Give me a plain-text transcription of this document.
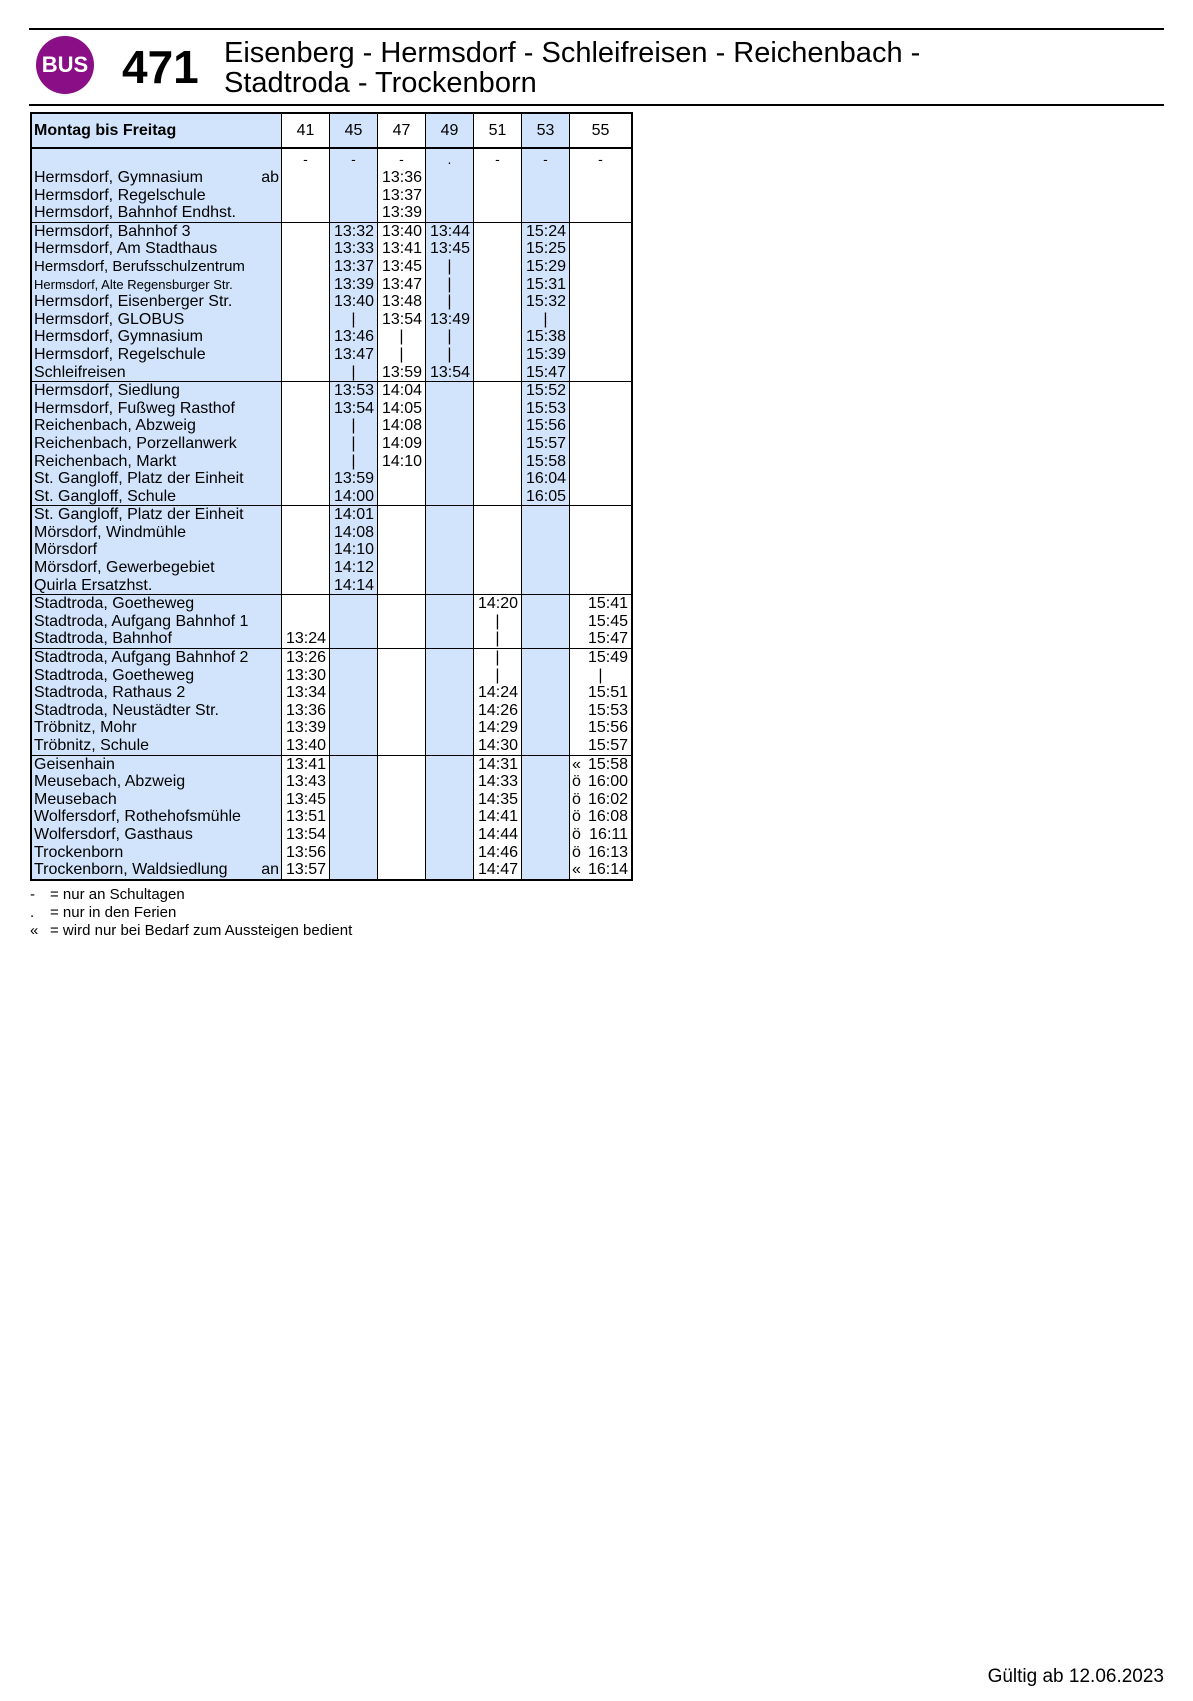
BUS 471 Eisenberg - Hermsdorf - Schleifreisen - Reichenbach -
Stadtroda - Trockenborn
Montag bis Freitag	41	45	47	49	51	53	55
	-	-	-	.	-	-	-
Hermsdorf, Gymnasium ab			13:36				
Hermsdorf, Regelschule			13:37				
Hermsdorf, Bahnhof Endhst.			13:39				
Hermsdorf, Bahnhof 3		13:32	13:40	13:44		15:24	
Hermsdorf, Am Stadthaus		13:33	13:41	13:45		15:25	
Hermsdorf, Berufsschulzentrum		13:37	13:45	|		15:29	
Hermsdorf, Alte Regensburger Str.		13:39	13:47	|		15:31	
Hermsdorf, Eisenberger Str.		13:40	13:48	|		15:32	
Hermsdorf, GLOBUS		|	13:54	13:49		|	
Hermsdorf, Gymnasium		13:46	|	|		15:38	
Hermsdorf, Regelschule		13:47	|	|		15:39	
Schleifreisen		|	13:59	13:54		15:47	
Hermsdorf, Siedlung		13:53	14:04			15:52	
Hermsdorf, Fußweg Rasthof		13:54	14:05			15:53	
Reichenbach, Abzweig		|	14:08			15:56	
Reichenbach, Porzellanwerk		|	14:09			15:57	
Reichenbach, Markt		|	14:10			15:58	
St. Gangloff, Platz der Einheit		13:59				16:04	
St. Gangloff, Schule		14:00				16:05	
St. Gangloff, Platz der Einheit		14:01					
Mörsdorf, Windmühle		14:08					
Mörsdorf		14:10					
Mörsdorf, Gewerbegebiet		14:12					
Quirla Ersatzhst.		14:14					
Stadtroda, Goetheweg					14:20		15:41
Stadtroda, Aufgang Bahnhof 1					|		15:45
Stadtroda, Bahnhof	13:24				|		15:47
Stadtroda, Aufgang Bahnhof 2	13:26				|		15:49
Stadtroda, Goetheweg	13:30				|		|
Stadtroda, Rathaus 2	13:34				14:24		15:51
Stadtroda, Neustädter Str.	13:36				14:26		15:53
Tröbnitz, Mohr	13:39				14:29		15:56
Tröbnitz, Schule	13:40				14:30		15:57
Geisenhain	13:41				14:31		« 15:58
Meusebach, Abzweig	13:43				14:33		ö 16:00
Meusebach	13:45				14:35		ö 16:02
Wolfersdorf, Rothehofsmühle	13:51				14:41		ö 16:08
Wolfersdorf, Gasthaus	13:54				14:44		ö 16:11
Trockenborn	13:56				14:46		ö 16:13
Trockenborn, Waldsiedlung an	13:57				14:47		« 16:14
-	= nur an Schultagen
.	= nur in den Ferien
« = wird nur bei Bedarf zum Aussteigen bedient
Gültig ab 12.06.2023
